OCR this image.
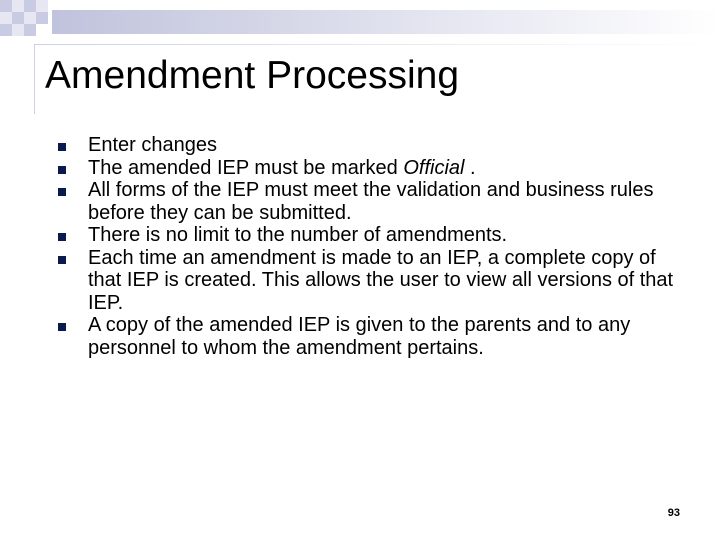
Amendment Processing
Enter changes
The amended IEP must be marked Official .
All forms of the IEP must meet the validation and business rules before they can be submitted.
There is no limit to the number of amendments.
Each time an amendment is made to an IEP, a complete copy of that IEP is created. This allows the user to view all versions of that IEP.
A copy of the amended IEP is given to the parents and to any personnel to whom the amendment pertains.
93
